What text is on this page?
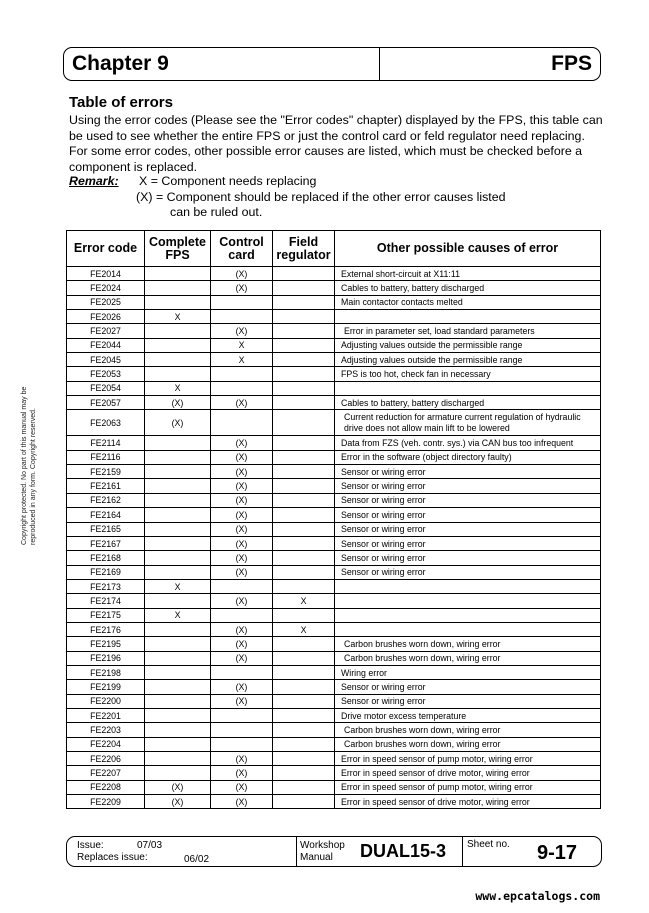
Chapter 9	FPS
Table of errors
Using the error codes (Please see the "Error codes" chapter) displayed by the FPS, this table can be used to see whether the entire FPS or just the control card or feld regulator need replacing. For some error codes, other possible error causes are listed, which must be checked before a component is replaced.
Remark: X = Component needs replacing
(X) = Component should be replaced if the other error causes listed
can be ruled out.
Copyright protected. No part of this manual may be reproduced in any form. Copyright reserved.
Error code	Complete FPS	Control card	Field regulator	Other possible causes of error
FE2014		(X)		External short-circuit at X11:11
FE2024		(X)		Cables to battery, battery discharged
FE2025				Main contactor contacts melted
FE2026	X			
FE2027		(X)		Error in parameter set, load standard parameters
FE2044		X		Adjusting values outside the permissible range
FE2045		X		Adjusting values outside the permissible range
FE2053				FPS is too hot, check fan in necessary
FE2054	X			
FE2057	(X)	(X)		Cables to battery, battery discharged
FE2063	(X)			Current reduction for armature current regulation of hydraulic drive does not allow main lift to be lowered
FE2114		(X)		Data from FZS (veh. contr. sys.) via CAN bus too infrequent
FE2116		(X)		Error in the software (object directory faulty)
FE2159		(X)		Sensor or wiring error
FE2161		(X)		Sensor or wiring error
FE2162		(X)		Sensor or wiring error
FE2164		(X)		Sensor or wiring error
FE2165		(X)		Sensor or wiring error
FE2167		(X)		Sensor or wiring error
FE2168		(X)		Sensor or wiring error
FE2169		(X)		Sensor or wiring error
FE2173	X			
FE2174		(X)	X	
FE2175	X			
FE2176		(X)	X	
FE2195		(X)		Carbon brushes worn down, wiring error
FE2196		(X)		Carbon brushes worn down, wiring error
FE2198				Wiring error
FE2199		(X)		Sensor or wiring error
FE2200		(X)		Sensor or wiring error
FE2201				Drive motor excess temperature
FE2203				Carbon brushes worn down, wiring error
FE2204				Carbon brushes worn down, wiring error
FE2206		(X)		Error in speed sensor of pump motor, wiring error
FE2207		(X)		Error in speed sensor of drive motor, wiring error
FE2208	(X)	(X)		Error in speed sensor of pump motor, wiring error
FE2209	(X)	(X)		Error in speed sensor of drive motor, wiring error
Issue:	07/03
Replaces issue:	06/02
Workshop Manual	DUAL15-3 Sheet no. 9-17
www.epcatalogs.com
